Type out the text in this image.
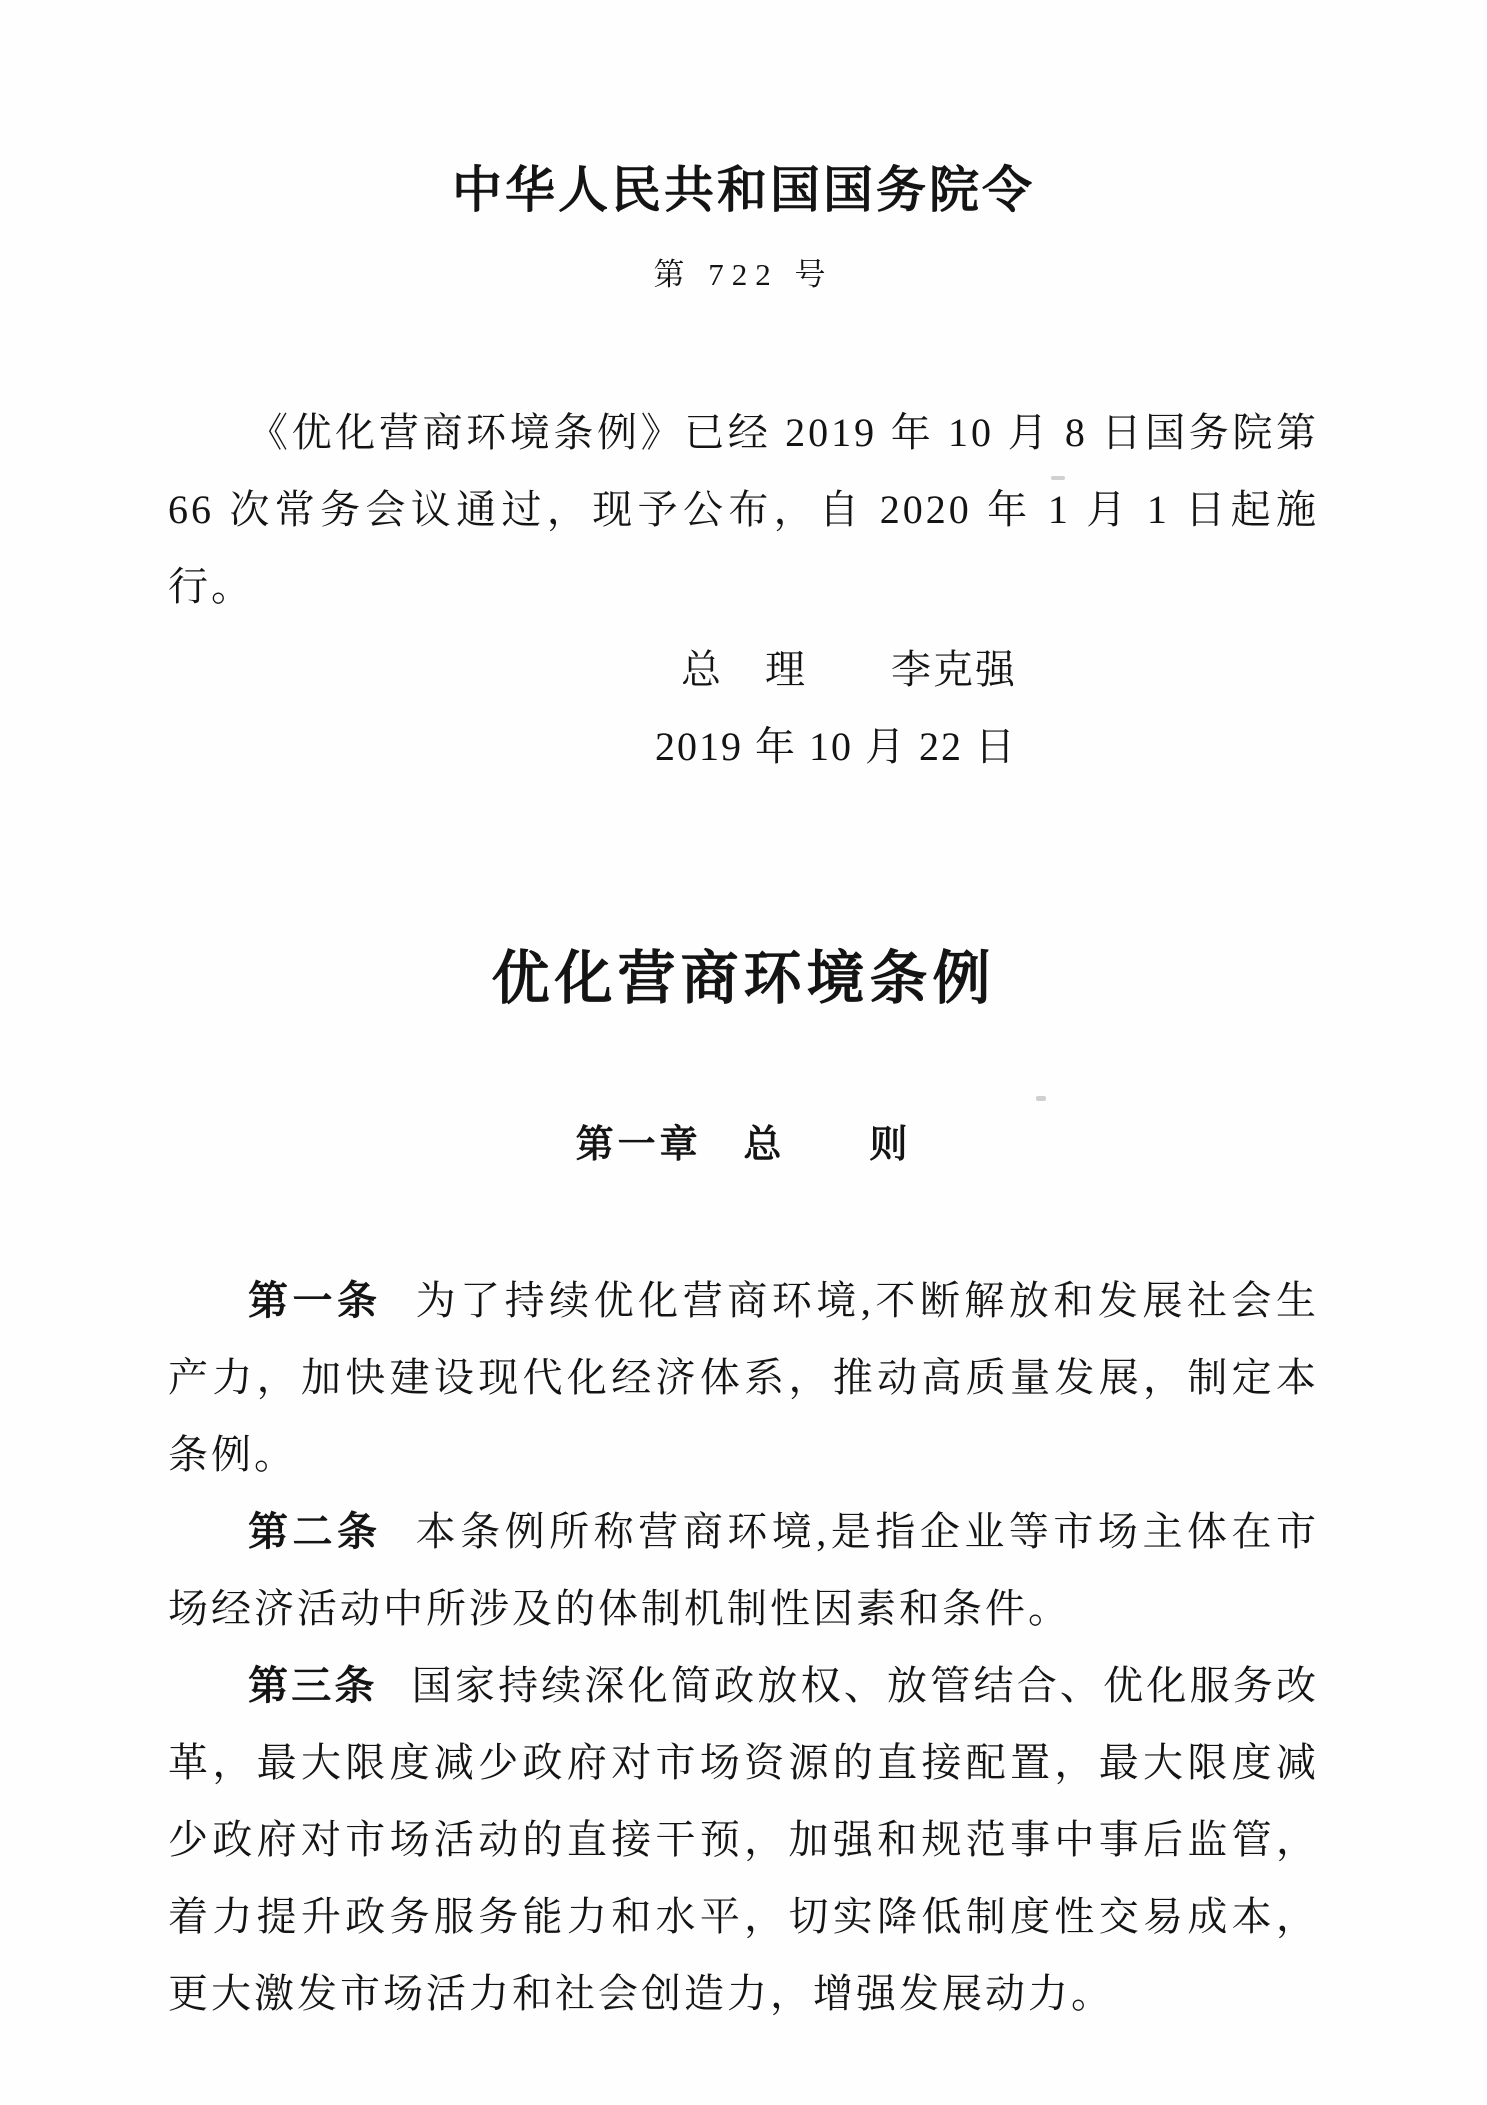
中华人民共和国国务院令
第 722 号

《优化营商环境条例》已经 2019 年 10 月 8 日国务院第 66 次常务会议通过，现予公布，自 2020 年 1 月 1 日起施行。

总　理 李克强
2019 年 10 月 22 日
优化营商环境条例
第一章 总　　则

第一条 为了持续优化营商环境,不断解放和发展社会生产力，加快建设现代化经济体系，推动高质量发展，制定本条例。

第二条 本条例所称营商环境,是指企业等市场主体在市场经济活动中所涉及的体制机制性因素和条件。

第三条 国家持续深化简政放权、放管结合、优化服务改革，最大限度减少政府对市场资源的直接配置，最大限度减少政府对市场活动的直接干预，加强和规范事中事后监管，着力提升政务服务能力和水平，切实降低制度性交易成本，更大激发市场活力和社会创造力，增强发展动力。
